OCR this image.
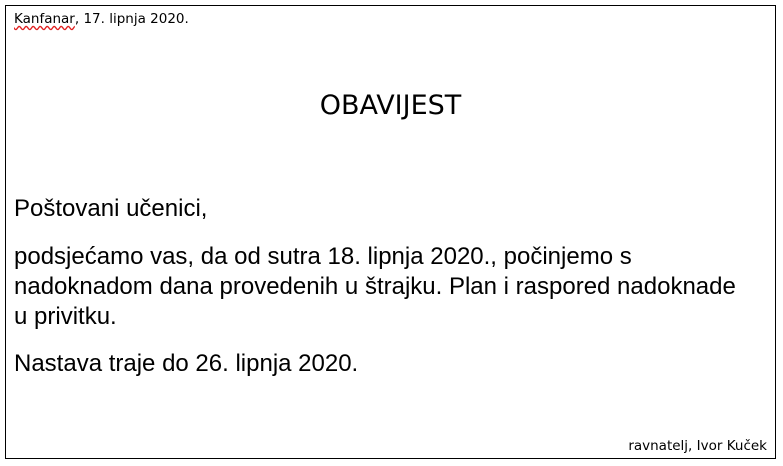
Kanfanar, 17. lipnja 2020.
OBAVIJEST

Poštovani učenici,

podsjećamo vas, da od sutra 18. lipnja 2020., počinjemo s nadoknadom dana provedenih u štrajku. Plan i raspored nadoknade u privitku.

Nastava traje do 26. lipnja 2020.

ravnatelj, Ivor Kuček
